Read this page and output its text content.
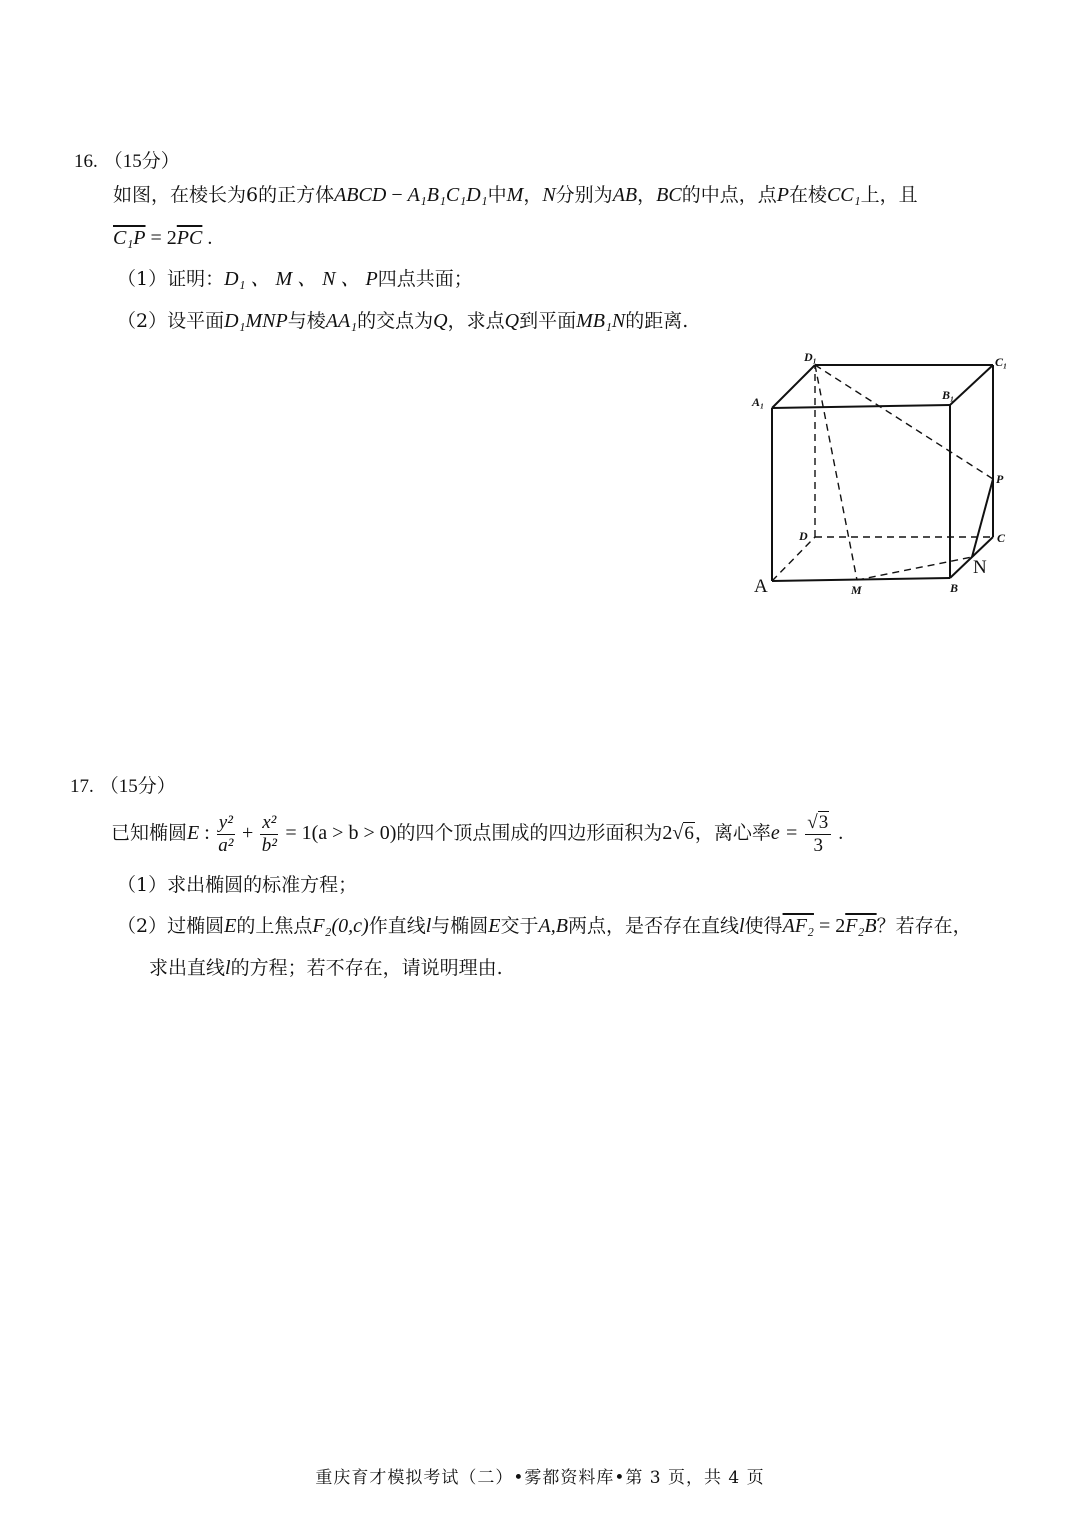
16. （15分）
如图，在棱长为6的正方体ABCD − A₁B₁C₁D₁中M，N分别为AB，BC的中点，点P在棱CC₁上，且
$C_1P = 2\overline{PC}$ .
（1）证明：D₁ 、 M 、 N 、 P四点共面；
（2）设平面D₁MNP与棱AA₁的交点为Q，求点Q到平面MB₁N的距离.
D₁	C₁
A₁	B₁
P
D	C
M	B
N
A
17. （15分）
已知椭圆E : $\frac{\text{y²}}{\text{a²}} + \frac{\text{x²}}{\text{b²}} = 1(a > b > 0)$的四个顶点围成的四边形面积为2√6，离心率$e = \frac{√3}{3}$ .
（1）求出椭圆的标准方程；
（2）过椭圆E的上焦点F₂(0,c)作直线l与椭圆E交于A,B两点，是否存在直线l使得AF₂ = 2F₂B？若存在，
求出直线l的方程；若不存在，请说明理由.
重庆育才模拟考试（二）•雾都资料库•第 3 页，共 4 页
